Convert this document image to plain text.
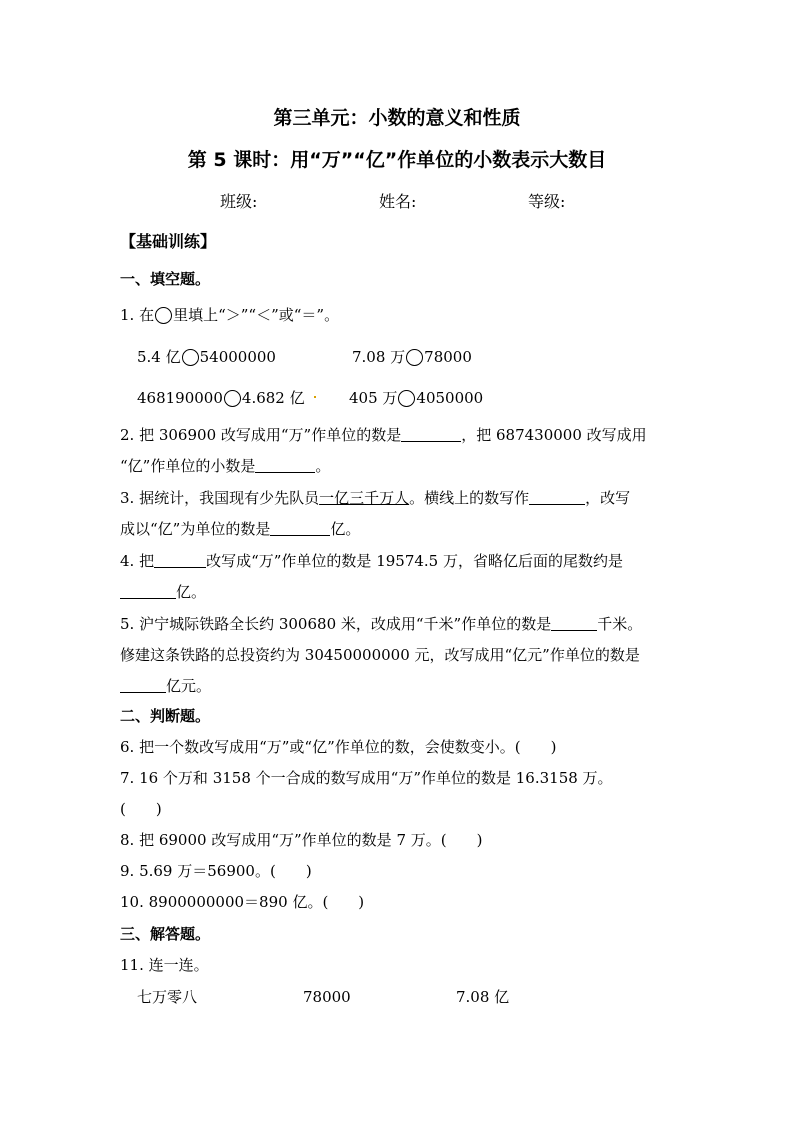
第三单元：小数的意义和性质
第 5 课时：用“万”“亿”作单位的小数表示大数目
班级:	姓名:	等级:
【基础训练】
一、填空题。
1. 在 里填上“＞”“＜”或“＝”。
5.4 亿 54000000	7.08 万 78000
468190000 4.682 亿	405 万 4050000
2. 把 306900 改写成用“万”作单位的数是	，把 687430000 改写成用
“亿”作单位的小数是	。
3. 据统计，我国现有少先队员一亿三千万人。横线上的数写作	，改写
成以“亿”为单位的数是	亿。
4. 把	改写成“万”作单位的数是 19574.5 万，省略亿后面的尾数约是
亿。
5. 沪宁城际铁路全长约 300680 米，改成用“千米”作单位的数是	千米。
修建这条铁路的总投资约为 30450000000 元，改写成用“亿元”作单位的数是
亿元。
二、判断题。
6. 把一个数改写成用“万”或“亿”作单位的数，会使数变小。(　　)
7. 16 个万和 3158 个一合成的数写成用“万”作单位的数是 16.3158 万。
(　　)
8. 把 69000 改写成用“万”作单位的数是 7 万。(　　)
9. 5.69 万＝56900。(　　)
10. 8900000000＝890 亿。(　　)
三、解答题。
11. 连一连。
七万零八	78000	7.08 亿
